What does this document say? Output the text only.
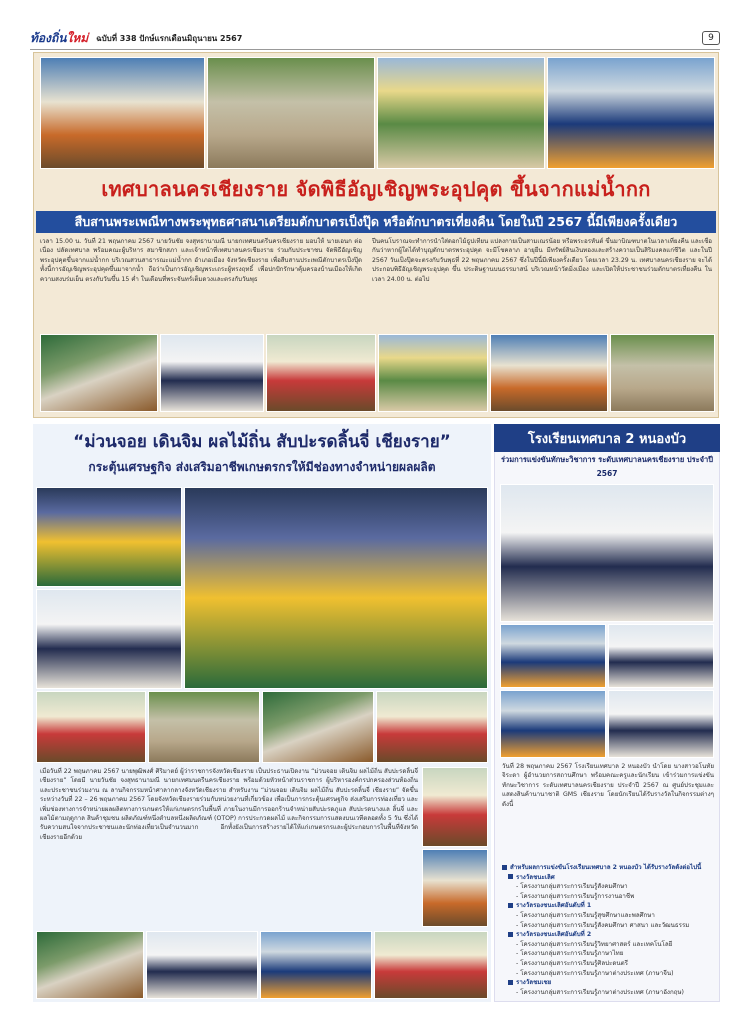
ท้องถิ่นใหม่ ฉบับที่ 338 ปักษ์แรกเดือนมิถุนายน 2567	9
เทศบาลนครเชียงราย จัดพิธีอัญเชิญพระอุปคุต ขึ้นจากแม่น้ำกก
สืบสานพระเพณีทางพระพุทธศาสนาเตรียมตักบาตรเป็งปุ๊ด หรือตักบาตรเที่ยงคืน โดยในปี 2567 นี้มีเพียงครั้งเดียว
เวลา 15.00 น. วันที่ 21 พฤษภาคม 2567 นายวันชัย จงสุทธานามณี นายกเทศมนตรีนครเชียงราย มอบให้ นายเอนก ต่อ เนื่อง ปลัดเทศบาล พร้อมคณะผู้บริหาร สมาชิกสภา และเจ้าหน้าที่เทศบาลนครเชียงราย ร่วมกับประชาชน จัดพิธีอัญเชิญพระอุปคุตขึ้นจากแม่น้ำกก บริเวณสวนสาธารณะแม่น้ำกก อำเภอเมือง จังหวัดเชียงราย เพื่อสืบสานประเพณีตักบาตรเป็งปุ๊ด ทั้งนี้การอัญเชิญพระอุปคุตขึ้นมาจากน้ำ ถือว่าเป็นการอัญเชิญพระเถระผู้ทรงฤทธิ์ เพื่อปกปักรักษาคุ้มครองบ้านเมืองให้เกิดความสงบร่มเย็น ตรงกับวันขึ้น 15 ค่ำ ในเดือนที่พระจันทร์เต็มดวงและตรงกับวันพุธ
ปีนคนโบราณจะทำการนำใส่ดอกไม้ธูปเทียน แปลงกายเป็นสามเณรน้อย หรือพระอรหันต์ ขึ้นมาบิณฑบาตในเวลาเที่ยงคืน และเชื่อกันว่าหากผู้ใดได้ทำบุญตักบาตรพระอุปคุต จะมีโชคลาภ อายุยืน มีทรัพย์สินเงินทองและสร้างความเป็นสิริมงคลแก่ชีวิต และในปี 2567 วันเป็งปุ๊ดจะตรงกับวันพุธที่ 22 พฤษภาคม 2567 ซึ่งในปีนี้มีเพียงครั้งเดียว โดยเวลา 23.29 น. เทศบาลนครเชียงราย จะได้ประกอบพิธีอัญเชิญพระอุปคุต ขึ้น ประดิษฐานบนธรรมาสน์ บริเวณหน้าวัดมิ่งเมือง และเปิดให้ประชาชนร่วมตักบาตรเที่ยงคืน ในเวลา 24.00 น. ต่อไป
“ม่วนจอย เดินจิม ผลไม้ถิ่น สับปะรดลิ้นจี่ เชียงราย”
กระตุ้นเศรษฐกิจ ส่งเสริมอาชีพเกษตรกรให้มีช่องทางจำหน่ายผลผลิต
เมื่อวันที่ 22 พฤษภาคม 2567 นายพุฒิพงศ์ ศิริมาตย์ ผู้ว่าราชการจังหวัดเชียงราย เป็นประธานเปิดงาน “ม่วนจอย เดินจิม ผลไม้ถิ่น สับปะรดลิ้นจี่ เชียงราย” โดยมี นายวันชัย จงสุทธานามณี นายกเทศมนตรีนครเชียงราย พร้อมด้วยหัวหน้าส่วนราชการ ผู้บริหารองค์กรปกครองส่วนท้องถิ่น และประชาชนร่วมงาน ณ ลานกิจกรรมหน้าศาลากลางจังหวัดเชียงราย สำหรับงาน “ม่วนจอย เดินจิม ผลไม้ถิ่น สับปะรดลิ้นจี่ เชียงราย” จัดขึ้นระหว่างวันที่ 22 – 26 พฤษภาคม 2567 โดยจังหวัดเชียงรายร่วมกับหน่วยงานที่เกี่ยวข้อง เพื่อเป็นการกระตุ้นเศรษฐกิจ ส่งเสริมการท่องเที่ยว และเพิ่มช่องทางการจำหน่ายผลผลิตทางการเกษตรให้แก่เกษตรกรในพื้นที่ ภายในงานมีการออกร้านจำหน่ายสับปะรดภูแล สับปะรดนางแล ลิ้นจี่ และผลไม้ตามฤดูกาล สินค้าชุมชน ผลิตภัณฑ์หนึ่งตำบลหนึ่งผลิตภัณฑ์ (OTOP) การประกวดผลไม้ และกิจกรรมการแสดงบนเวทีตลอดทั้ง 5 วัน ซึ่งได้รับความสนใจจากประชาชนและนักท่องเที่ยวเป็นจำนวนมาก อีกทั้งยังเป็นการสร้างรายได้ให้แก่เกษตรกรและผู้ประกอบการในพื้นที่จังหวัดเชียงรายอีกด้วย
โรงเรียนเทศบาล 2 หนองบัว
ร่วมการแข่งขันทักษะวิชาการ ระดับเทศบาลนครเชียงราย ประจำปี 2567
วันที่ 28 พฤษภาคม 2567 โรงเรียนเทศบาล 2 หนองบัว นำโดย นางสาวอโนทัย จิระดา ผู้อำนวยการสถานศึกษา พร้อมคณะครูและนักเรียน เข้าร่วมการแข่งขันทักษะวิชาการ ระดับเทศบาลนครเชียงราย ประจำปี 2567 ณ ศูนย์ประชุมและแสดงสินค้านานาชาติ GMS เชียงราย โดยนักเรียนได้รับรางวัลในกิจกรรมต่างๆ ดังนี้
สำหรับผลการแข่งขันโรงเรียนเทศบาล 2 หนองบัว ได้รับรางวัลดังต่อไปนี้
รางวัลชนะเลิศ
- โครงงานกลุ่มสาระการเรียนรู้สังคมศึกษา
- โครงงานกลุ่มสาระการเรียนรู้การงานอาชีพ
รางวัลรองชนะเลิศอันดับที่ 1
- โครงงานกลุ่มสาระการเรียนรู้สุขศึกษาและพลศึกษา
- โครงงานกลุ่มสาระการเรียนรู้สังคมศึกษา ศาสนา และวัฒนธรรม
รางวัลรองชนะเลิศอันดับที่ 2
- โครงงานกลุ่มสาระการเรียนรู้วิทยาศาสตร์ และเทคโนโลยี
- โครงงานกลุ่มสาระการเรียนรู้ภาษาไทย
- โครงงานกลุ่มสาระการเรียนรู้ศิลปะดนตรี
- โครงงานกลุ่มสาระการเรียนรู้ภาษาต่างประเทศ (ภาษาจีน)
รางวัลชมเชย
- โครงงานกลุ่มสาระการเรียนรู้ภาษาต่างประเทศ (ภาษาอังกฤษ)
